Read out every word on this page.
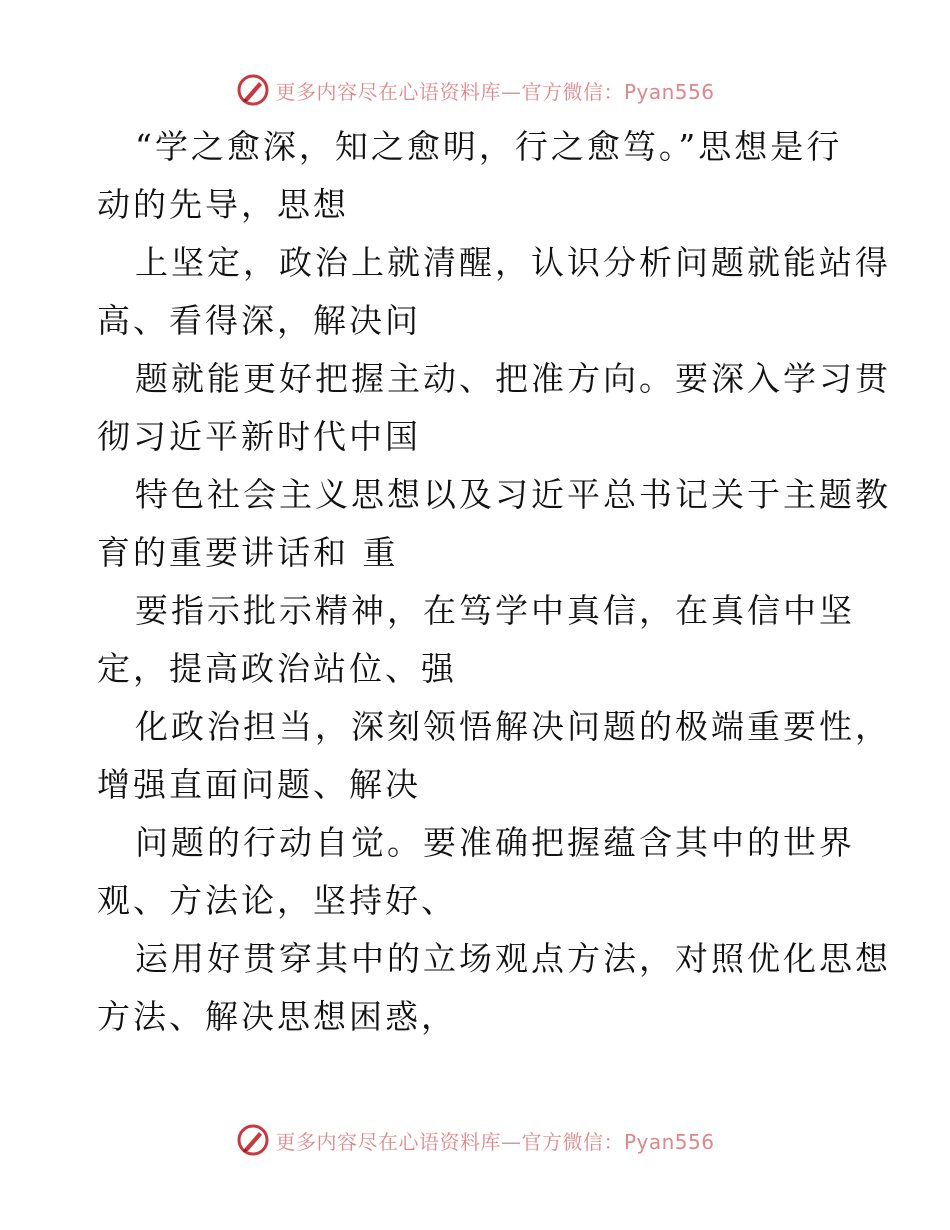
更多内容尽在心语资料库—官方微信：Pyan556
“学之愈深，知之愈明，行之愈笃。”思想是行
动的先导，思想
上坚定，政治上就清醒，认识分析问题就能站得
高、看得深，解决问
题就能更好把握主动、把准方向。要深入学习贯
彻习近平新时代中国
特色社会主义思想以及习近平总书记关于主题教
育的重要讲话和 重
要指示批示精神，在笃学中真信，在真信中坚
定，提高政治站位、强
化政治担当，深刻领悟解决问题的极端重要性，
增强直面问题、解决
问题的行动自觉。要准确把握蕴含其中的世界
观、方法论，坚持好、
运用好贯穿其中的立场观点方法，对照优化思想
方法、解决思想困惑，
更多内容尽在心语资料库—官方微信：Pyan556
